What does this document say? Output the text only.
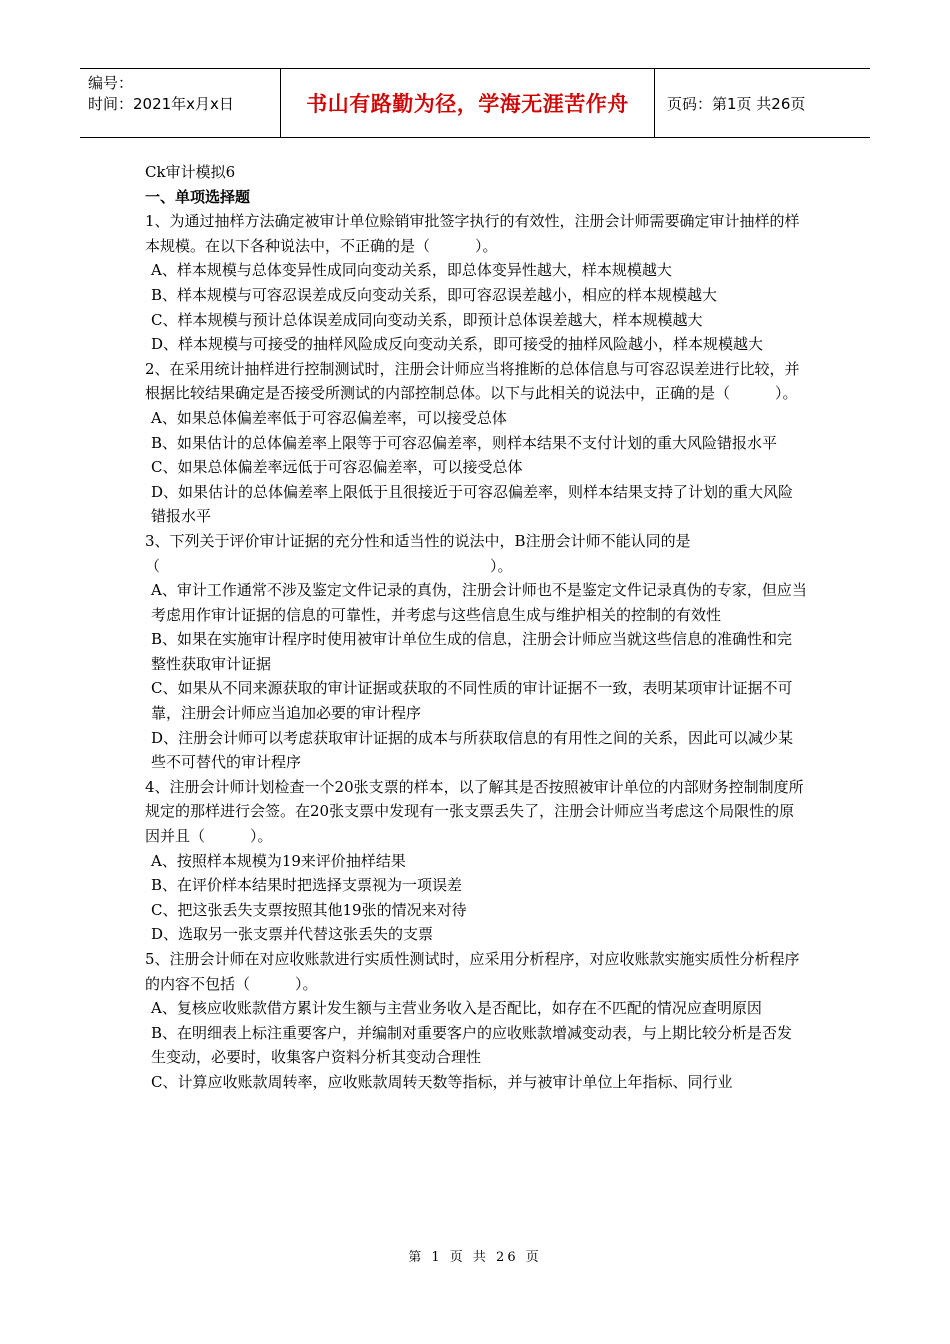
编号：
时间：2021年x月x日	书山有路勤为径，学海无涯苦作舟	页码：第1页 共26页

Ck审计模拟6

一、单项选择题

1、为通过抽样方法确定被审计单位赊销审批签字执行的有效性，注册会计师需要确定审计抽样的样本规模。在以下各种说法中，不正确的是（　　　）。

A、样本规模与总体变异性成同向变动关系，即总体变异性越大，样本规模越大

B、样本规模与可容忍误差成反向变动关系，即可容忍误差越小，相应的样本规模越大

C、样本规模与预计总体误差成同向变动关系，即预计总体误差越大，样本规模越大

D、样本规模与可接受的抽样风险成反向变动关系，即可接受的抽样风险越小，样本规模越大

2、在采用统计抽样进行控制测试时，注册会计师应当将推断的总体信息与可容忍误差进行比较，并根据比较结果确定是否接受所测试的内部控制总体。以下与此相关的说法中，正确的是（　　　）。

A、如果总体偏差率低于可容忍偏差率，可以接受总体

B、如果估计的总体偏差率上限等于可容忍偏差率，则样本结果不支付计划的重大风险错报水平

C、如果总体偏差率远低于可容忍偏差率，可以接受总体

D、如果估计的总体偏差率上限低于且很接近于可容忍偏差率，则样本结果支持了计划的重大风险错报水平

3、下列关于评价审计证据的充分性和适当性的说法中，B注册会计师不能认同的是（　　　　　　　　　　　　　　　　　　　　　　）。

A、审计工作通常不涉及鉴定文件记录的真伪，注册会计师也不是鉴定文件记录真伪的专家，但应当考虑用作审计证据的信息的可靠性，并考虑与这些信息生成与维护相关的控制的有效性

B、如果在实施审计程序时使用被审计单位生成的信息，注册会计师应当就这些信息的准确性和完整性获取审计证据

C、如果从不同来源获取的审计证据或获取的不同性质的审计证据不一致，表明某项审计证据不可靠，注册会计师应当追加必要的审计程序

D、注册会计师可以考虑获取审计证据的成本与所获取信息的有用性之间的关系，因此可以减少某些不可替代的审计程序

4、注册会计师计划检查一个20张支票的样本，以了解其是否按照被审计单位的内部财务控制制度所规定的那样进行会签。在20张支票中发现有一张支票丢失了，注册会计师应当考虑这个局限性的原因并且（　　　）。

A、按照样本规模为19来评价抽样结果

B、在评价样本结果时把选择支票视为一项误差

C、把这张丢失支票按照其他19张的情况来对待

D、选取另一张支票并代替这张丢失的支票

5、注册会计师在对应收账款进行实质性测试时，应采用分析程序，对应收账款实施实质性分析程序的内容不包括（　　　）。

A、复核应收账款借方累计发生额与主营业务收入是否配比，如存在不匹配的情况应查明原因

B、在明细表上标注重要客户，并编制对重要客户的应收账款增减变动表，与上期比较分析是否发生变动，必要时，收集客户资料分析其变动合理性

C、计算应收账款周转率，应收账款周转天数等指标，并与被审计单位上年指标、同行业

第 1 页 共 26 页
